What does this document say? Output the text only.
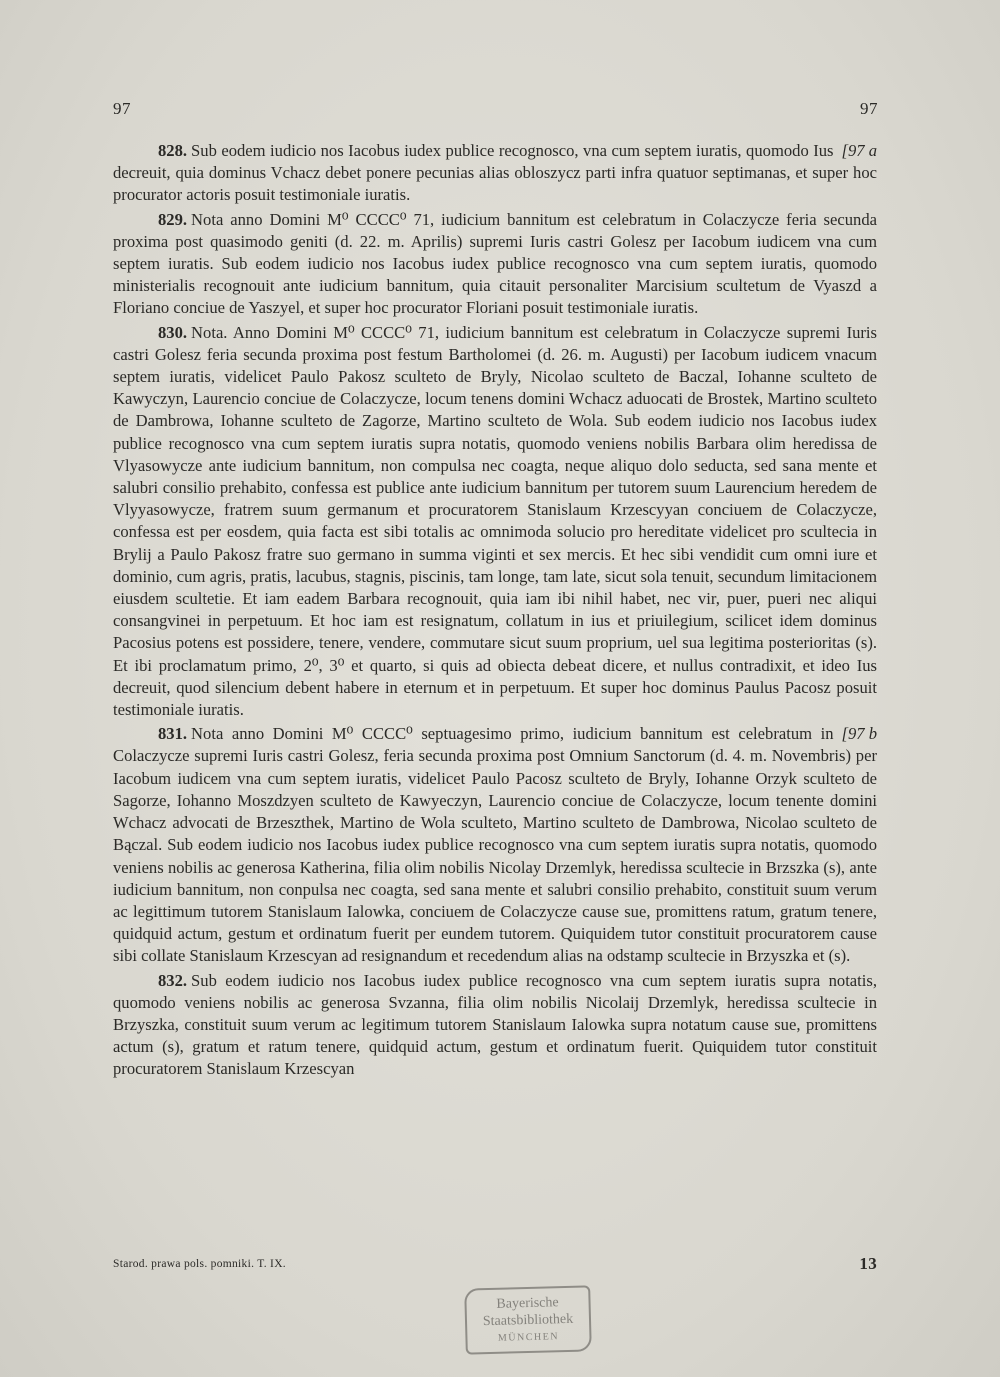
97	97

[97 a
828. Sub eodem iudicio nos Iacobus iudex publice recognosco, vna cum septem iuratis, quomodo Ius decreuit, quia dominus Vchacz debet ponere pecunias alias obloszycz parti infra quatuor septimanas, et super hoc procurator actoris posuit testimoniale iuratis.

829. Nota anno Domini M⁰ CCCC⁰ 71, iudicium bannitum est celebratum in Colaczycze feria secunda proxima post quasimodo geniti (d. 22. m. Aprilis) supremi Iuris castri Golesz per Iacobum iudicem vna cum septem iuratis. Sub eodem iudicio nos Iacobus iudex publice recognosco vna cum septem iuratis, quomodo ministerialis recognouit ante iudicium bannitum, quia citauit personaliter Marcisium scultetum de Vyaszd a Floriano conciue de Yaszyel, et super hoc procurator Floriani posuit testimoniale iuratis.

830. Nota. Anno Domini M⁰ CCCC⁰ 71, iudicium bannitum est celebratum in Colaczycze supremi Iuris castri Golesz feria secunda proxima post festum Bartholomei (d. 26. m. Augusti) per Iacobum iudicem vnacum septem iuratis, videlicet Paulo Pakosz sculteto de Bryly, Nicolao sculteto de Baczal, Iohanne sculteto de Kawyczyn, Laurencio conciue de Colaczycze, locum tenens domini Wchacz aduocati de Brostek, Martino sculteto de Dambrowa, Iohanne sculteto de Zagorze, Martino sculteto de Wola. Sub eodem iudicio nos Iacobus iudex publice recognosco vna cum septem iuratis supra notatis, quomodo veniens nobilis Barbara olim heredissa de Vlyasowycze ante iudicium bannitum, non compulsa nec coagta, neque aliquo dolo seducta, sed sana mente et salubri consilio prehabito, confessa est publice ante iudicium bannitum per tutorem suum Laurencium heredem de Vlyyasowycze, fratrem suum germanum et procuratorem Stanislaum Krzescyyan conciuem de Colaczycze, confessa est per eosdem, quia facta est sibi totalis ac omnimoda solucio pro hereditate videlicet pro scultecia in Brylij a Paulo Pakosz fratre suo germano in summa viginti et sex mercis. Et hec sibi vendidit cum omni iure et dominio, cum agris, pratis, lacubus, stagnis, piscinis, tam longe, tam late, sicut sola tenuit, secundum limitacionem eiusdem scultetie. Et iam eadem Barbara recognouit, quia iam ibi nihil habet, nec vir, puer, pueri nec aliqui consangvinei in perpetuum. Et hoc iam est resignatum, collatum in ius et priuilegium, scilicet idem dominus Pacosius potens est possidere, tenere, vendere, commutare sicut suum proprium, uel sua legitima posterioritas (s). Et ibi proclamatum primo, 2⁰, 3⁰ et quarto, si quis ad obiecta debeat dicere, et nullus contradixit, et ideo Ius decreuit, quod silencium debent habere in eternum et in perpetuum. Et super hoc dominus Paulus Pacosz posuit testimoniale iuratis.

[97 b
831. Nota anno Domini M⁰ CCCC⁰ septuagesimo primo, iudicium bannitum est celebratum in Colaczycze supremi Iuris castri Golesz, feria secunda proxima post Omnium Sanctorum (d. 4. m. Novembris) per Iacobum iudicem vna cum septem iuratis, videlicet Paulo Pacosz sculteto de Bryly, Iohanne Orzyk sculteto de Sagorze, Iohanno Moszdzyen sculteto de Kawyeczyn, Laurencio conciue de Colaczycze, locum tenente domini Wchacz advocati de Brzeszthek, Martino de Wola sculteto, Martino sculteto de Dambrowa, Nicolao sculteto de Bączal. Sub eodem iudicio nos Iacobus iudex publice recognosco vna cum septem iuratis supra notatis, quomodo veniens nobilis ac generosa Katherina, filia olim nobilis Nicolay Drzemlyk, heredissa scultecie in Brzszka (s), ante iudicium bannitum, non conpulsa nec coagta, sed sana mente et salubri consilio prehabito, constituit suum verum ac legittimum tutorem Stanislaum Ialowka, conciuem de Colaczycze cause sue, promittens ratum, gratum tenere, quidquid actum, gestum et ordinatum fuerit per eundem tutorem. Quiquidem tutor constituit procuratorem cause sibi collate Stanislaum Krzescyan ad resignandum et recedendum alias na odstamp scultecie in Brzyszka et (s).

832. Sub eodem iudicio nos Iacobus iudex publice recognosco vna cum septem iuratis supra notatis, quomodo veniens nobilis ac generosa Svzanna, filia olim nobilis Nicolaij Drzemlyk, heredissa scultecie in Brzyszka, constituit suum verum ac legitimum tutorem Stanislaum Ialowka supra notatum cause sue, promittens actum (s), gratum et ratum tenere, quidquid actum, gestum et ordinatum fuerit. Quiquidem tutor constituit procuratorem Stanislaum Krzescyan

Starod. prawa pols. pomniki. T. IX.	13
Bayerische
Staatsbibliothek
MÜNCHEN
